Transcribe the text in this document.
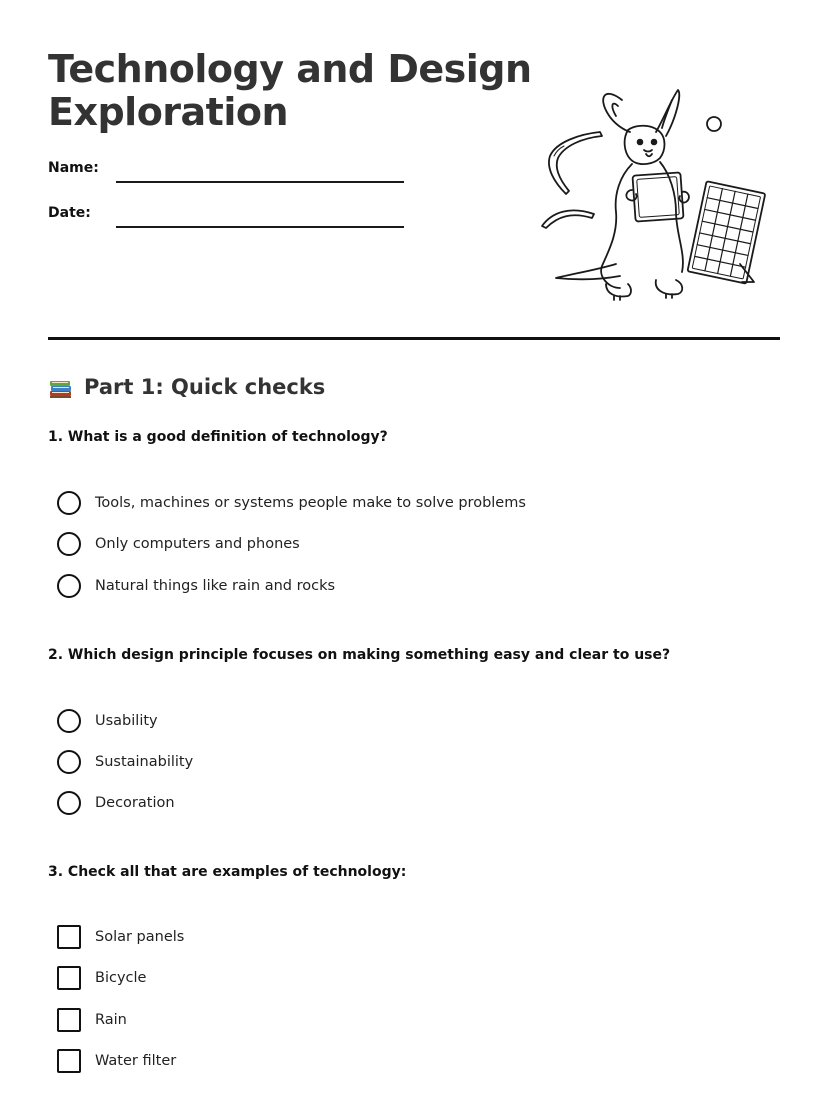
Technology and Design
Exploration
Name:
Date:
Part 1: Quick checks

1. What is a good definition of technology?

Tools, machines or systems people make to solve problems
Only computers and phones
Natural things like rain and rocks

2. Which design principle focuses on making something easy and clear to use?

Usability
Sustainability
Decoration

3. Check all that are examples of technology:

Solar panels
Bicycle
Rain
Water filter
